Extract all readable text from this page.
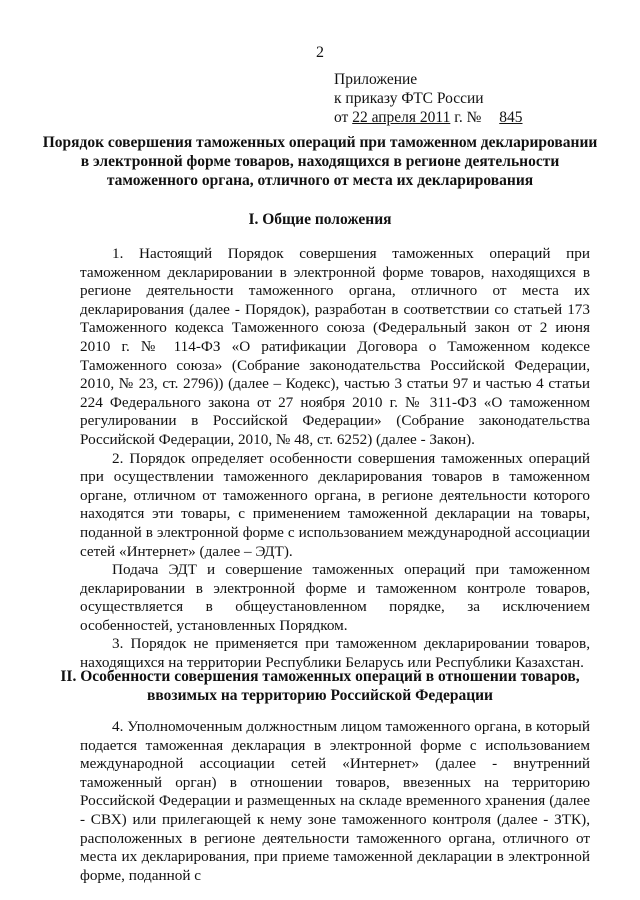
2
Приложение
к приказу ФТС России
от 22 апреля 2011 г. № 845
Порядок совершения таможенных операций при таможенном декларировании в электронной форме товаров, находящихся в регионе деятельности таможенного органа, отличного от места их декларирования
I. Общие положения

1. Настоящий Порядок совершения таможенных операций при таможенном декларировании в электронной форме товаров, находящихся в регионе деятельности таможенного органа, отличного от места их декларирования (далее - Порядок), разработан в соответствии со статьей 173 Таможенного кодекса Таможенного союза (Федеральный закон от 2 июня 2010 г. № 114-ФЗ «О ратификации Договора о Таможенном кодексе Таможенного союза» (Собрание законодательства Российской Федерации, 2010, № 23, ст. 2796)) (далее – Кодекс), частью 3 статьи 97 и частью 4 статьи 224 Федерального закона от 27 ноября 2010 г. № 311-ФЗ «О таможенном регулировании в Российской Федерации» (Собрание законодательства Российской Федерации, 2010, № 48, ст. 6252) (далее - Закон).

2. Порядок определяет особенности совершения таможенных операций при осуществлении таможенного декларирования товаров в таможенном органе, отличном от таможенного органа, в регионе деятельности которого находятся эти товары, с применением таможенной декларации на товары, поданной в электронной форме с использованием международной ассоциации сетей «Интернет» (далее – ЭДТ).

Подача ЭДТ и совершение таможенных операций при таможенном декларировании в электронной форме и таможенном контроле товаров, осуществляется в общеустановленном порядке, за исключением особенностей, установленных Порядком.

3. Порядок не применяется при таможенном декларировании товаров, находящихся на территории Республики Беларусь или Республики Казахстан.

II. Особенности совершения таможенных операций в отношении товаров, ввозимых на территорию Российской Федерации

4. Уполномоченным должностным лицом таможенного органа, в который подается таможенная декларация в электронной форме с использованием международной ассоциации сетей «Интернет» (далее - внутренний таможенный орган) в отношении товаров, ввезенных на территорию Российской Федерации и размещенных на складе временного хранения (далее - СВХ) или прилегающей к нему зоне таможенного контроля (далее - ЗТК), расположенных в регионе деятельности таможенного органа, отличного от места их декларирования, при приеме таможенной декларации в электронной форме, поданной с
